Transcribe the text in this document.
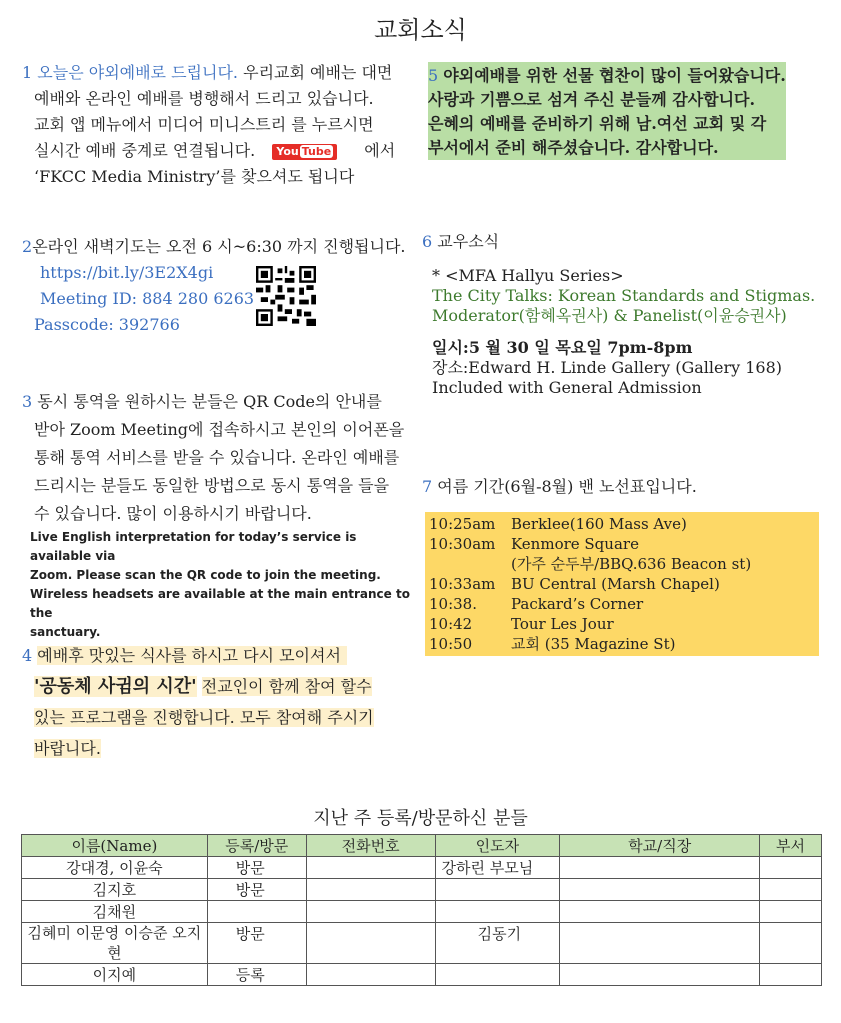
교회소식
1 오늘은 야외예배로 드립니다. 우리교회 예배는 대면
예배와 온라인 예배를 병행해서 드리고 있습니다.
교회 앱 메뉴에서 미디어 미니스트리 를 누르시면
실시간 예배 중계로 연결됩니다. You Tube 에서
‘FKCC Media Ministry’를 찾으셔도 됩니다
2온라인 새벽기도는 오전 6 시~6:30 까지 진행됩니다.
https://bit.ly/3E2X4gi
Meeting ID: 884 280 6263
Passcode: 392766
3 동시 통역을 원하시는 분들은 QR Code의 안내를
받아 Zoom Meeting에 접속하시고 본인의 이어폰을
통해 통역 서비스를 받을 수 있습니다. 온라인 예배를
드리시는 분들도 동일한 방법으로 동시 통역을 들을
수 있습니다. 많이 이용하시기 바랍니다.
Live English interpretation for today’s service is available via
Zoom. Please scan the QR code to join the meeting.
Wireless headsets are available at the main entrance to the
sanctuary.
4 예배후 맛있는 식사를 하시고 다시 모이셔서
'공동체 사귐의 시간' 전교인이 함께 참여 할수
있는 프로그램을 진행합니다. 모두 참여해 주시기
바랍니다.
5 야외예배를 위한 선물 협찬이 많이 들어왔습니다.
사랑과 기쁨으로 섬겨 주신 분들께 감사합니다.
은혜의 예배를 준비하기 위해 남.여선 교회 및 각
부서에서 준비 해주셨습니다. 감사합니다.
6 교우소식
* <MFA Hallyu Series>
The City Talks: Korean Standards and Stigmas.
Moderator(함혜옥권사) & Panelist(이윤승권사)
일시:5 월 30 일 목요일 7pm-8pm
장소:Edward H. Linde Gallery (Gallery 168)
Included with General Admission
7 여름 기간(6월-8월) 밴 노선표입니다.
10:25am	Berklee(160 Mass Ave)
10:30am	Kenmore Square
(가주 순두부/BBQ.636 Beacon st)
10:33am	BU Central (Marsh Chapel)
10:38.	Packard’s Corner
10:42	Tour Les Jour
10:50	교회 (35 Magazine St)
지난 주 등록/방문하신 분들
이름(Name)	등록/방문	전화번호	인도자	학교/직장	부서
강대경, 이윤숙	방문		강하린 부모님		
김지호	방문				
김채원					
김혜미 이문영 이승준 오지현	방문		김동기		
이지예	등록				
